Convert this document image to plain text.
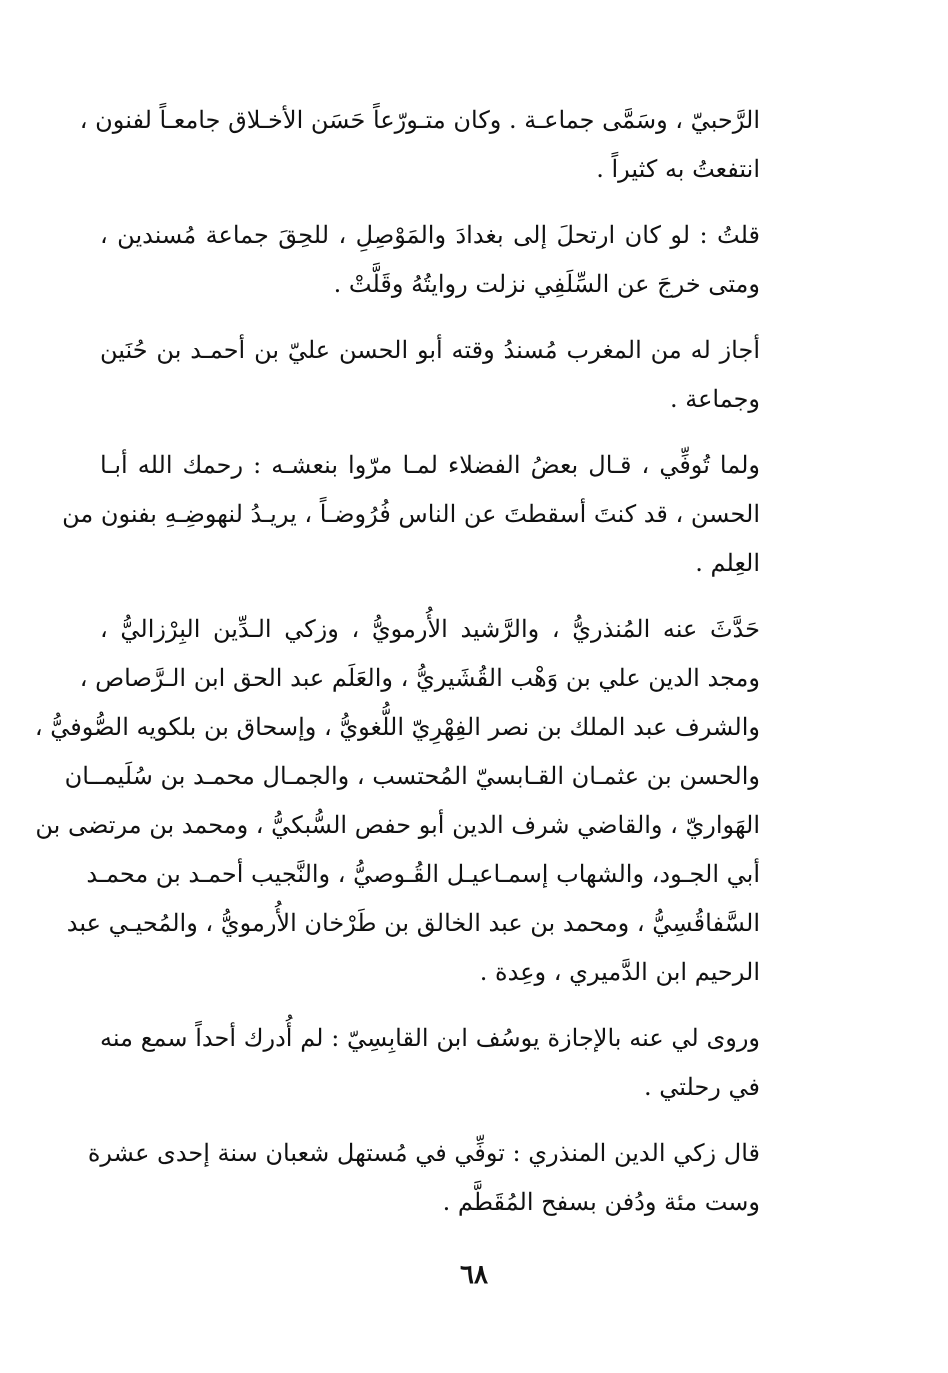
الرَّحبيّ ، وسَمَّى جماعـة . وكان متـورّعاً حَسَن الأخـلاق جامعـاً لفنون ،
انتفعتُ به كثيراً .

قلتُ : لو كان ارتحلَ إلى بغدادَ والمَوْصِلِ ، للحِقَ جماعة مُسندين ،
ومتى خرجَ عن السِّلَفِي نزلت روايتُهُ وقَلَّتْ .

أجاز له من المغرب مُسندُ وقته أبو الحسن عليّ بن أحمـد بن حُنَين
وجماعة .

ولما تُوفِّي ، قـال بعضُ الفضلاء لمـا مرّوا بنعشـه : رحمك الله أبـا
الحسن ، قد كنتَ أسقطتَ عن الناس فُرُوضـاً ، يريـدُ لنهوضِـهِ بفنون من
العِلم .

حَدَّثَ عنه المُنذريُّ ، والرَّشيد الأُرمويُّ ، وزكي الـدِّين البِرْزاليُّ ،
ومجد الدين علي بن وَهْب القُشَيريُّ ، والعَلَم عبد الحق ابن الـرَّصاص ،
والشرف عبد الملك بن نصر الفِهْرِيّ اللُّغويُّ ، وإسحاق بن بلكويه الصُّوفيُّ ،
والحسن بن عثمـان القـابسيّ المُحتسب ، والجمـال محمـد بن سُلَيمــان
الهَواريّ ، والقاضي شرف الدين أبو حفص السُّبكيُّ ، ومحمد بن مرتضى بن
أبي الجـود، والشهاب إسمـاعيـل القُـوصيُّ ، والنَّجيب أحمـد بن محمـد
السَّفاقُسِيُّ ، ومحمد بن عبد الخالق بن طَرْخان الأُرمويُّ ، والمُحيـي عبد
الرحيم ابن الدَّميري ، وعِدة .

وروى لي عنه بالإجازة يوسُف ابن القابِسِيّ : لم أُدرك أحداً سمع منه
في رحلتي .

قال زكي الدين المنذري : توفِّي في مُستهل شعبان سنة إحدى عشرة
وست مئة ودُفن بسفح المُقَطَّم .

٦٨
